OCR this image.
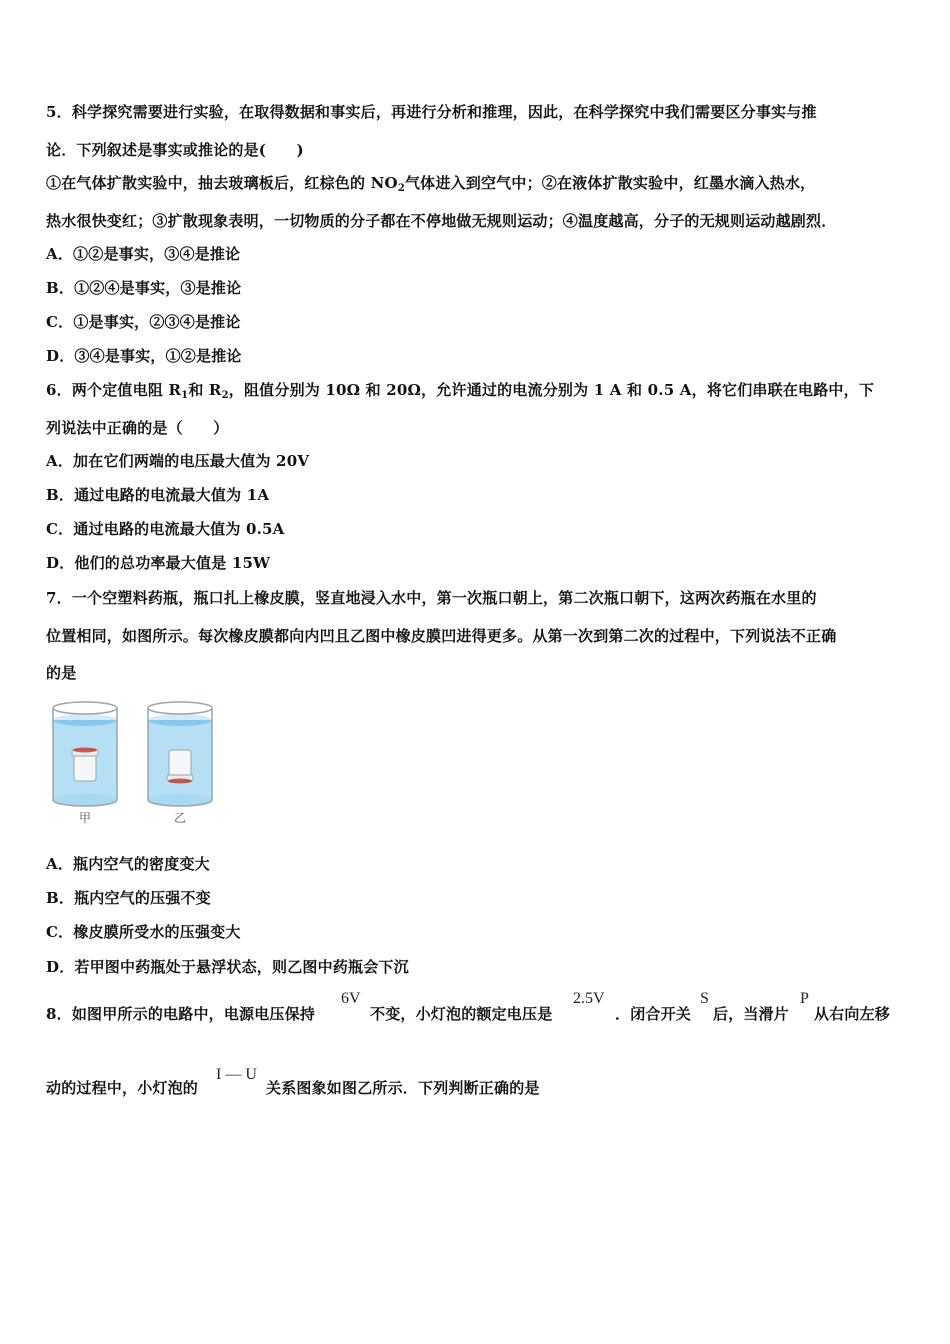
5．科学探究需要进行实验，在取得数据和事实后，再进行分析和推理，因此，在科学探究中我们需要区分事实与推
论．下列叙述是事实或推论的是(　　)
①在气体扩散实验中，抽去玻璃板后，红棕色的 $NO_2$气体进入到空气中；②在液体扩散实验中，红墨水滴入热水，
热水很快变红；③扩散现象表明，一切物质的分子都在不停地做无规则运动；④温度越高，分子的无规则运动越剧烈．
A．①②是事实，③④是推论
B．①②④是事实，③是推论
C．①是事实，②③④是推论
D．③④是事实，①②是推论
6．两个定值电阻 $R_1$和 $R_2$，阻值分别为 10Ω 和 20Ω，允许通过的电流分别为 1 A 和 0.5 A，将它们串联在电路中，下
列说法中正确的是（　　）
A．加在它们两端的电压最大值为 20V
B．通过电路的电流最大值为 1A
C．通过电路的电流最大值为 0.5A
D．他们的总功率最大值是 15W
7．一个空塑料药瓶，瓶口扎上橡皮膜，竖直地浸入水中，第一次瓶口朝上，第二次瓶口朝下，这两次药瓶在水里的
位置相同，如图所示。每次橡皮膜都向内凹且乙图中橡皮膜凹进得更多。从第一次到第二次的过程中，下列说法不正确
的是
甲	乙
A．瓶内空气的密度变大
B．瓶内空气的压强不变
C．橡皮膜所受水的压强变大
D．若甲图中药瓶处于悬浮状态，则乙图中药瓶会下沉
8．如图甲所示的电路中，电源电压保持
6V
不变，小灯泡的额定电压是
2.5V
．闭合开关
S
后，当滑片
P
从右向左移
动的过程中，小灯泡的
I — U
关系图象如图乙所示．下列判断正确的是
